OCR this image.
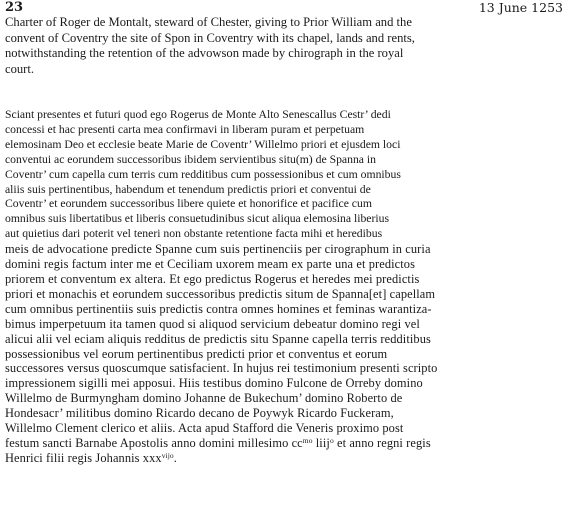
23	13 June 1253
Charter of Roger de Montalt, steward of Chester, giving to Prior William and the
convent of Coventry the site of Spon in Coventry with its chapel, lands and rents,
notwithstanding the retention of the advowson made by chirograph in the royal
court.
Sciant presentes et futuri quod ego Rogerus de Monte Alto Senescallus Cestr’ dedi
concessi et hac presenti carta mea confirmavi in liberam puram et perpetuam
elemosinam Deo et ecclesie beate Marie de Coventr’ Willelmo priori et ejusdem loci
conventui ac eorundem successoribus ibidem servientibus situ(m) de Spanna in
Coventr’ cum capella cum terris cum redditibus cum possessionibus et cum omnibus
aliis suis pertinentibus, habendum et tenendum predictis priori et conventui de
Coventr’ et eorundem successoribus libere quiete et honorifice et pacifice cum
omnibus suis libertatibus et liberis consuetudinibus sicut aliqua elemosina liberius
aut quietius dari poterit vel teneri non obstante retentione facta mihi et heredibus
meis de advocatione predicte Spanne cum suis pertinenciis per cirographum in curia
domini regis factum inter me et Ceciliam uxorem meam ex parte una et predictos
priorem et conventum ex altera. Et ego predictus Rogerus et heredes mei predictis
priori et monachis et eorundem successoribus predictis situm de Spanna[et] capellam
cum omnibus pertinentiis suis predictis contra omnes homines et feminas warantiza-
bimus imperpetuum ita tamen quod si aliquod servicium debeatur domino regi vel
alicui alii vel eciam aliquis redditus de predictis situ Spanne capella terris redditibus
possessionibus vel eorum pertinentibus predicti prior et conventus et eorum
successores versus quoscumque satisfacient. In hujus rei testimonium presenti scripto
impressionem sigilli mei apposui. Hiis testibus domino Fulcone de Orreby domino
Willelmo de Burmyngham domino Johanne de Bukechum’ domino Roberto de
Hondesacr’ militibus domino Ricardo decano de Poywyk Ricardo Fuckeram,
Willelmo Clement clerico et aliis. Acta apud Stafford die Veneris proximo post
festum sancti Barnabe Apostolis anno domini millesimo $cc^{mo}$ liij$^o$ et anno regni regis
Henrici filii regis Johannis xxx$^{vijo}$.
